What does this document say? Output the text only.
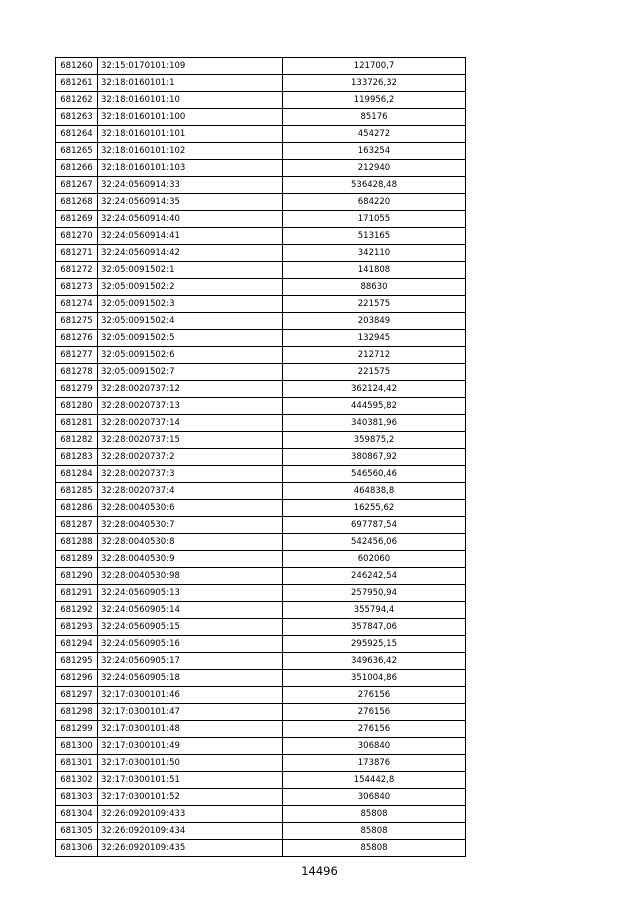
681260	32:15:0170101:109	121700,7
681261	32:18:0160101:1	133726,32
681262	32:18:0160101:10	119956,2
681263	32:18:0160101:100	85176
681264	32:18:0160101:101	454272
681265	32:18:0160101:102	163254
681266	32:18:0160101:103	212940
681267	32:24:0560914:33	536428,48
681268	32:24:0560914:35	684220
681269	32:24:0560914:40	171055
681270	32:24:0560914:41	513165
681271	32:24:0560914:42	342110
681272	32:05:0091502:1	141808
681273	32:05:0091502:2	88630
681274	32:05:0091502:3	221575
681275	32:05:0091502:4	203849
681276	32:05:0091502:5	132945
681277	32:05:0091502:6	212712
681278	32:05:0091502:7	221575
681279	32:28:0020737:12	362124,42
681280	32:28:0020737:13	444595,82
681281	32:28:0020737:14	340381,96
681282	32:28:0020737:15	359875,2
681283	32:28:0020737:2	380867,92
681284	32:28:0020737:3	546560,46
681285	32:28:0020737:4	464838,8
681286	32:28:0040530:6	16255,62
681287	32:28:0040530:7	697787,54
681288	32:28:0040530:8	542456,06
681289	32:28:0040530:9	602060
681290	32:28:0040530:98	246242,54
681291	32:24:0560905:13	257950,94
681292	32:24:0560905:14	355794,4
681293	32:24:0560905:15	357847,06
681294	32:24:0560905:16	295925,15
681295	32:24:0560905:17	349636,42
681296	32:24:0560905:18	351004,86
681297	32:17:0300101:46	276156
681298	32:17:0300101:47	276156
681299	32:17:0300101:48	276156
681300	32:17:0300101:49	306840
681301	32:17:0300101:50	173876
681302	32:17:0300101:51	154442,8
681303	32:17:0300101:52	306840
681304	32:26:0920109:433	85808
681305	32:26:0920109:434	85808
681306	32:26:0920109:435	85808
14496
